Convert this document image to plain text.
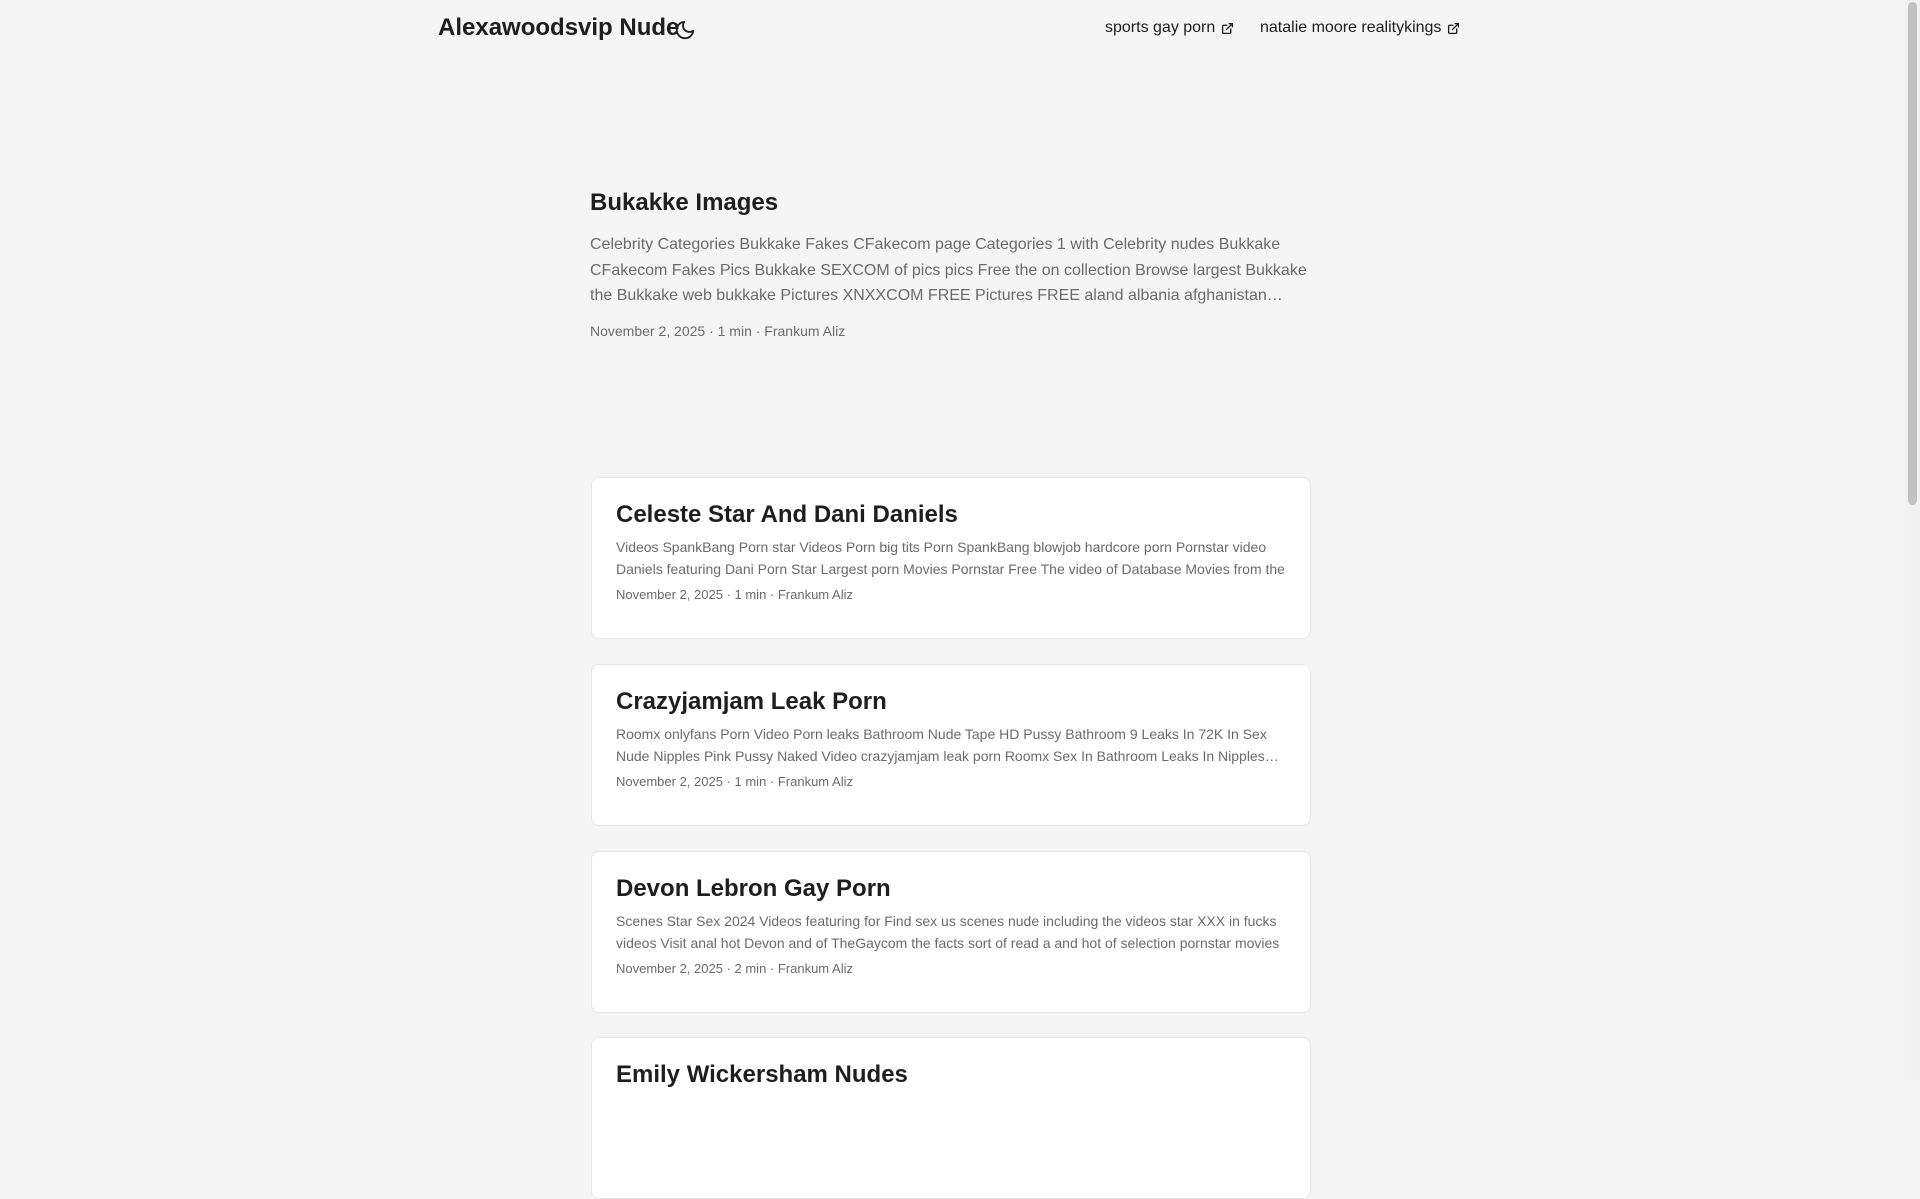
Alexawoodsvip Nude	sports gay porn	natalie moore realitykings
Bukakke Images

Celebrity Categories Bukkake Fakes CFakecom page Categories 1 with Celebrity nudes Bukkake CFakecom Fakes Pics Bukkake SEXCOM of pics pics Free the on collection Browse largest Bukkake the Bukkake web bukkake Pictures XNXXCOM FREE Pictures FREE aland albania afghanistan

November 2, 2025 · 1 min · Frankum Aliz
Celeste Star And Dani Daniels

Videos SpankBang Porn star Videos Porn big tits Porn SpankBang blowjob hardcore porn Pornstar video Daniels featuring Dani Porn Star Largest porn Movies Pornstar Free The video of Database Movies from the

November 2, 2025 · 1 min · Frankum Aliz
Crazyjamjam Leak Porn

Roomx onlyfans Porn Video Porn leaks Bathroom Nude Tape HD Pussy Bathroom 9 Leaks In 72K In Sex Nude Nipples Pink Pussy Naked Video crazyjamjam leak porn Roomx Sex In Bathroom Leaks In Nipples

November 2, 2025 · 1 min · Frankum Aliz
Devon Lebron Gay Porn

Scenes Star Sex 2024 Videos featuring for Find sex us scenes nude including the videos star XXX in fucks videos Visit anal hot Devon and of TheGaycom the facts sort of read a and hot of selection pornstar movies

November 2, 2025 · 2 min · Frankum Aliz
Emily Wickersham Nudes
